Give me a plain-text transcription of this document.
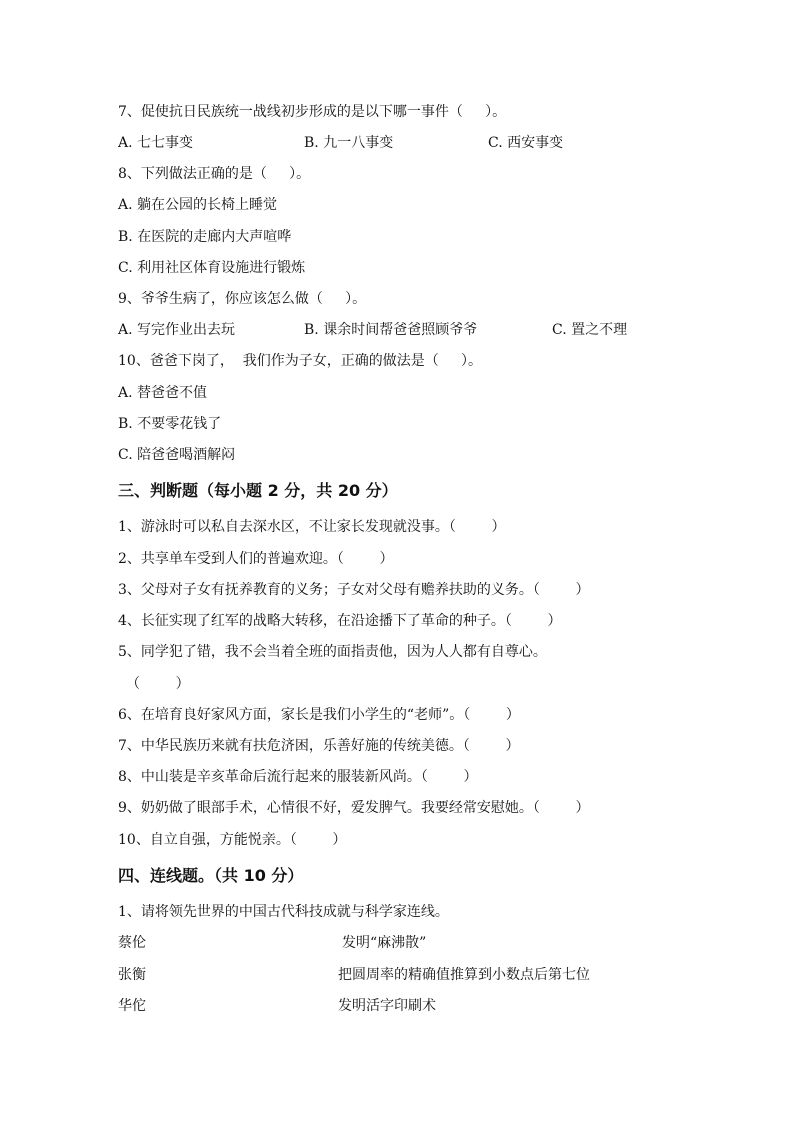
7、促使抗日民族统一战线初步形成的是以下哪一事件（     ）。
A. 七七事变	B. 九一八事变	C. 西安事变
8、下列做法正确的是（     ）。
A. 躺在公园的长椅上睡觉
B. 在医院的走廊内大声喧哗
C. 利用社区体育设施进行锻炼
9、爷爷生病了，你应该怎么做（     ）。
A. 写完作业出去玩	B. 课余时间帮爸爸照顾爷爷	C. 置之不理
10、爸爸下岗了，  我们作为子女，正确的做法是（     ）。
A. 替爸爸不值
B. 不要零花钱了
C. 陪爸爸喝酒解闷
三、判断题（每小题 2 分，共 20 分）
1、游泳时可以私自去深水区，不让家长发现就没事。（        ）
2、共享单车受到人们的普遍欢迎。（        ）
3、父母对子女有抚养教育的义务；子女对父母有赡养扶助的义务。（        ）
4、长征实现了红军的战略大转移，在沿途播下了革命的种子。（        ）
5、同学犯了错，我不会当着全班的面指责他，因为人人都有自尊心。
（        ）
6、在培育良好家风方面，家长是我们小学生的“老师”。（        ）
7、中华民族历来就有扶危济困，乐善好施的传统美德。（        ）
8、中山装是辛亥革命后流行起来的服装新风尚。（        ）
9、奶奶做了眼部手术，心情很不好，爱发脾气。我要经常安慰她。（        ）
10、自立自强，方能悦亲。（        ）
四、连线题。（共 10 分）
1、请将领先世界的中国古代科技成就与科学家连线。
蔡伦	发明“麻沸散”
张衡	把圆周率的精确值推算到小数点后第七位
华佗	发明活字印刷术
